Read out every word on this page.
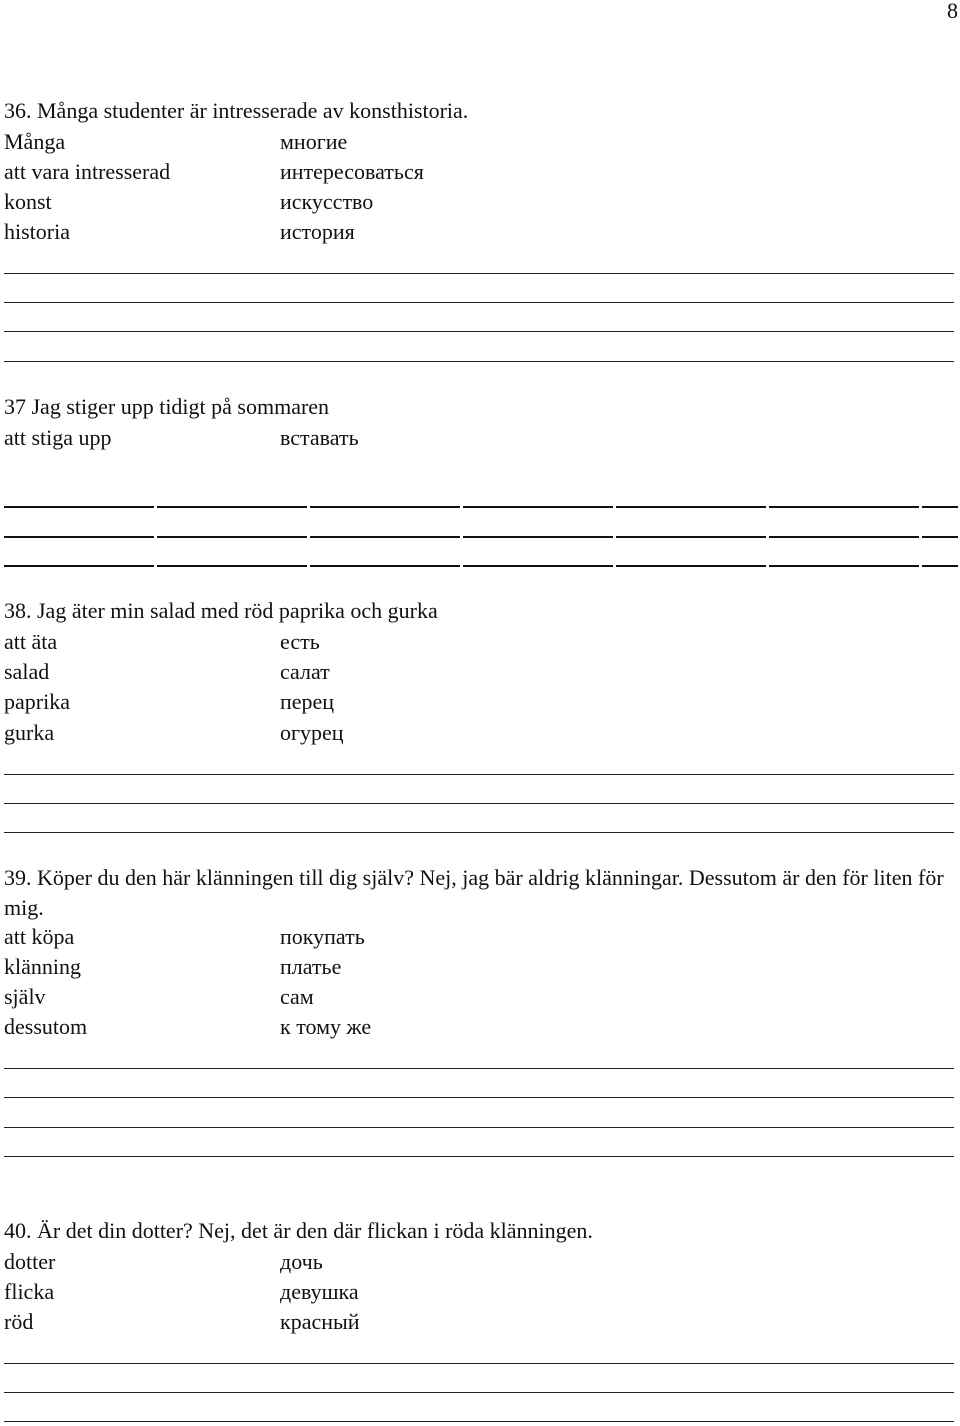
8
36. Många studenter är intresserade av konsthistoria.
Många	многие
att vara intresserad	интересоваться
konst	искусство
historia	история
37 Jag stiger upp tidigt på sommaren
att stiga upp	вставать
38. Jag äter min salad med röd paprika och gurka
att äta	есть
salad	салат
paprika	перец
gurka	огурец
39. Köper du den här klänningen till dig själv? Nej, jag bär aldrig klänningar. Dessutom är den för liten för mig.
att köpa	покупать
klänning	платье
själv	сам
dessutom	к тому же
40. Är det din dotter? Nej, det är den där flickan i röda klänningen.
dotter	дочь
flicka	девушка
röd	красный
